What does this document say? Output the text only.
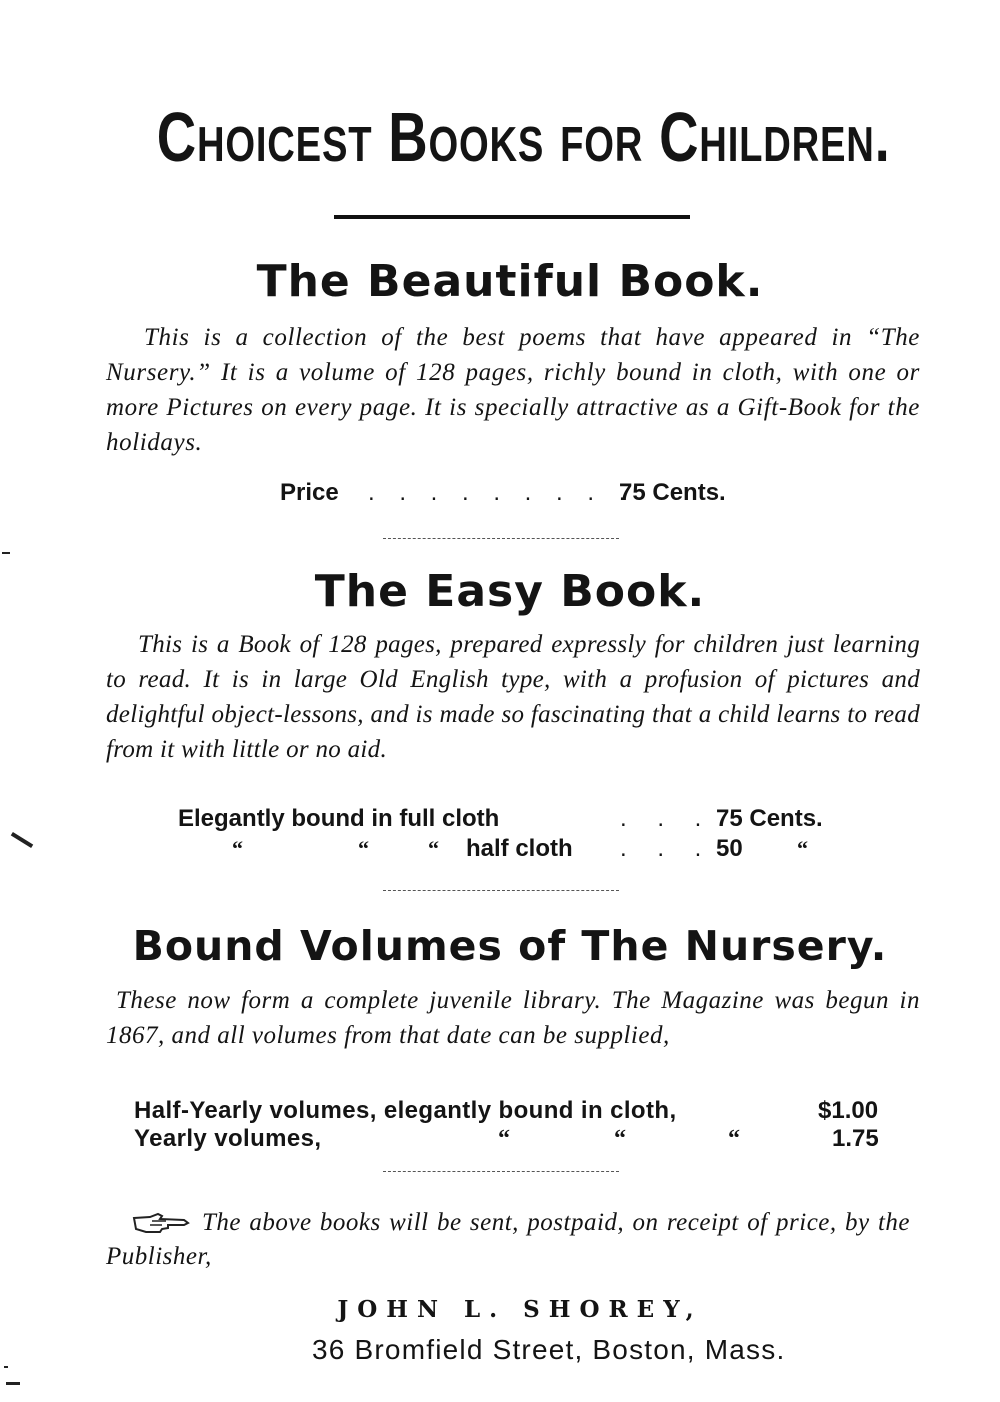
Choicest Books for Children.
The Beautiful Book.
This is a collection of the best poems that have appeared in “The Nursery.” It is a volume of 128 pages, richly bound in cloth, with one or more Pictures on every page. It is specially attractive as a Gift-Book for the holidays.
Price . . . . . . . . .
75 Cents.
The Easy Book.
This is a Book of 128 pages, prepared expressly for children just learning to read. It is in large Old English type, with a profusion of pictures and delightful object-lessons, and is made so fascinating that a child learns to read from it with little or no aid.
Elegantly bound in full cloth	. . . 75 Cents.
“	“	“ half cloth . . . 50 “
Bound Volumes of The Nursery.
These now form a complete juvenile library. The Magazine was begun in 1867, and all volumes from that date can be supplied,
Half-Yearly volumes, elegantly bound in cloth,	$1.00
Yearly volumes,	“	“	“	1.75
The above books will be sent, postpaid, on receipt of price, by the Publisher,
JOHN L. SHOREY,
36 Bromfield Street, Boston, Mass.
